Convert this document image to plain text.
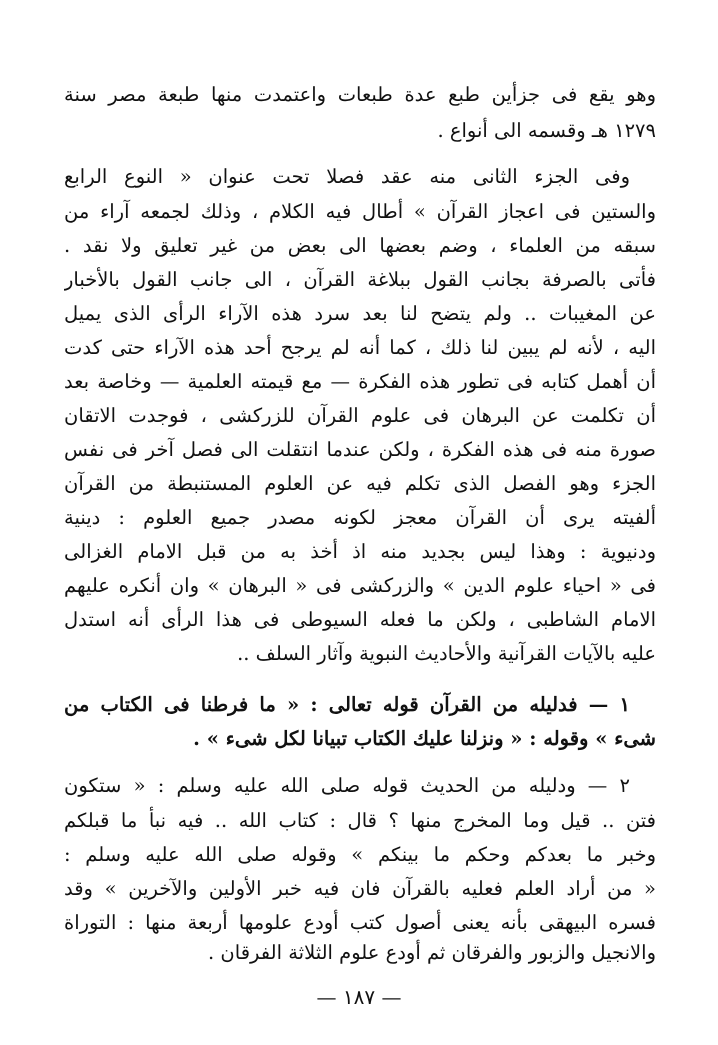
وهو يقع فى جزأين طبع عدة طبعات واعتمدت منها طبعة مصر سنة
١٢٧٩ هـ وقسمه الى أنواع .
وفى الجزء الثانى منه عقد فصلا تحت عنوان « النوع الرابع
والستين فى اعجاز القرآن » أطال فيه الكلام ، وذلك لجمعه آراء من
سبقه من العلماء ، وضم بعضها الى بعض من غير تعليق ولا نقد .
فأتى بالصرفة بجانب القول ببلاغة القرآن ، الى جانب القول بالأخبار
عن المغيبات .. ولم يتضح لنا بعد سرد هذه الآراء الرأى الذى يميل
اليه ، لأنه لم يبين لنا ذلك ، كما أنه لم يرجح أحد هذه الآراء حتى كدت
أن أهمل كتابه فى تطور هذه الفكرة — مع قيمته العلمية — وخاصة بعد
أن تكلمت عن البرهان فى علوم القرآن للزركشى ، فوجدت الاتقان
صورة منه فى هذه الفكرة ، ولكن عندما انتقلت الى فصل آخر فى نفس
الجزء وهو الفصل الذى تكلم فيه عن العلوم المستنبطة من القرآن
ألفيته يرى أن القرآن معجز لكونه مصدر جميع العلوم : دينية
ودنيوية : وهذا ليس بجديد منه اذ أخذ به من قبل الامام الغزالى
فى « احياء علوم الدين » والزركشى فى « البرهان » وان أنكره عليهم
الامام الشاطبى ، ولكن ما فعله السيوطى فى هذا الرأى أنه استدل
عليه بالآيات القرآنية والأحاديث النبوية وآثار السلف ..
١ — فدليله من القرآن قوله تعالى : « ما فرطنا فى الكتاب من
شىء » وقوله : « ونزلنا عليك الكتاب تبيانا لكل شىء » .
٢ — ودليله من الحديث قوله صلى الله عليه وسلم : « ستكون
فتن .. قيل وما المخرج منها ؟ قال : كتاب الله .. فيه نبأ ما قبلكم
وخبر ما بعدكم وحكم ما بينكم » وقوله صلى الله عليه وسلم :
« من أراد العلم فعليه بالقرآن فان فيه خبر الأولين والآخرين » وقد
فسره البيهقى بأنه يعنى أصول كتب أودع علومها أربعة منها : التوراة
والانجيل والزبور والفرقان ثم أودع علوم الثلاثة الفرقان .
— ١٨٧ —
